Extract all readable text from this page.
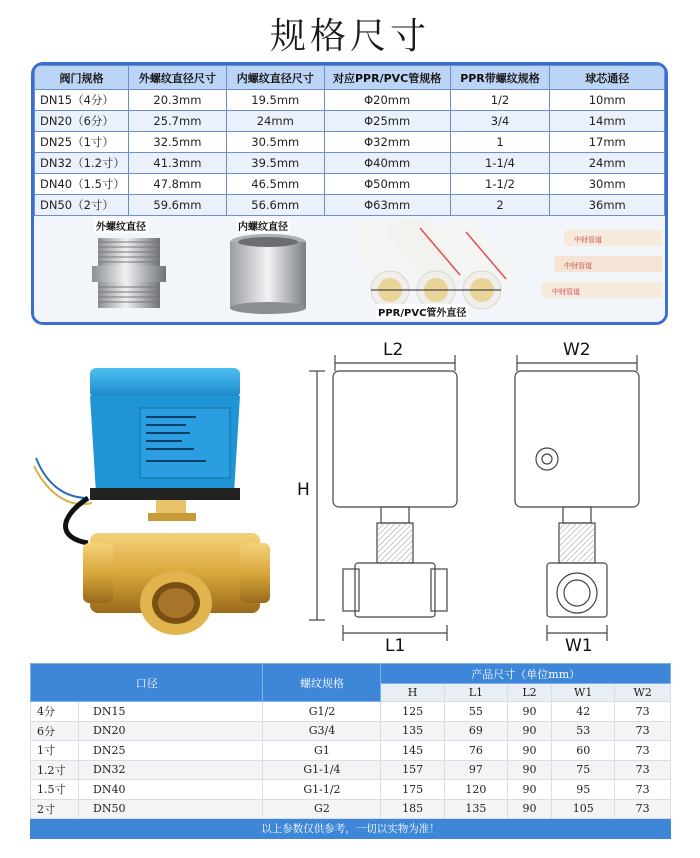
规格尺寸
阀门规格	外螺纹直径尺寸	内螺纹直径尺寸	对应PPR/PVC管规格	PPR带螺纹规格	球芯通径
DN15（4分）	20.3mm	19.5mm	Φ20mm	1/2	10mm
DN20（6分）	25.7mm	24mm	Φ25mm	3/4	14mm
DN25（1寸）	32.5mm	30.5mm	Φ32mm	1	17mm
DN32（1.2寸）	41.3mm	39.5mm	Φ40mm	1-1/4	24mm
DN40（1.5寸）	47.8mm	46.5mm	Φ50mm	1-1/2	30mm
DN50（2寸）	59.6mm	56.6mm	Φ63mm	2	36mm
外螺纹直径	内螺纹直径
PPR/PVC管外直径
中财管道
中财管道
中财管道
L2	W2
H
L1	W1
口径		螺纹规格	产品尺寸（单位mm）				
			H	L1	L2	W1	W2
4分	DN15	G1/2	125	55	90	42	73
6分	DN20	G3/4	135	69	90	53	73
1寸	DN25	G1	145	76	90	60	73
1.2寸	DN32	G1-1/4	157	97	90	75	73
1.5寸	DN40	G1-1/2	175	120	90	95	73
2寸	DN50	G2	185	135	90	105	73
以上参数仅供参考，一切以实物为准！
